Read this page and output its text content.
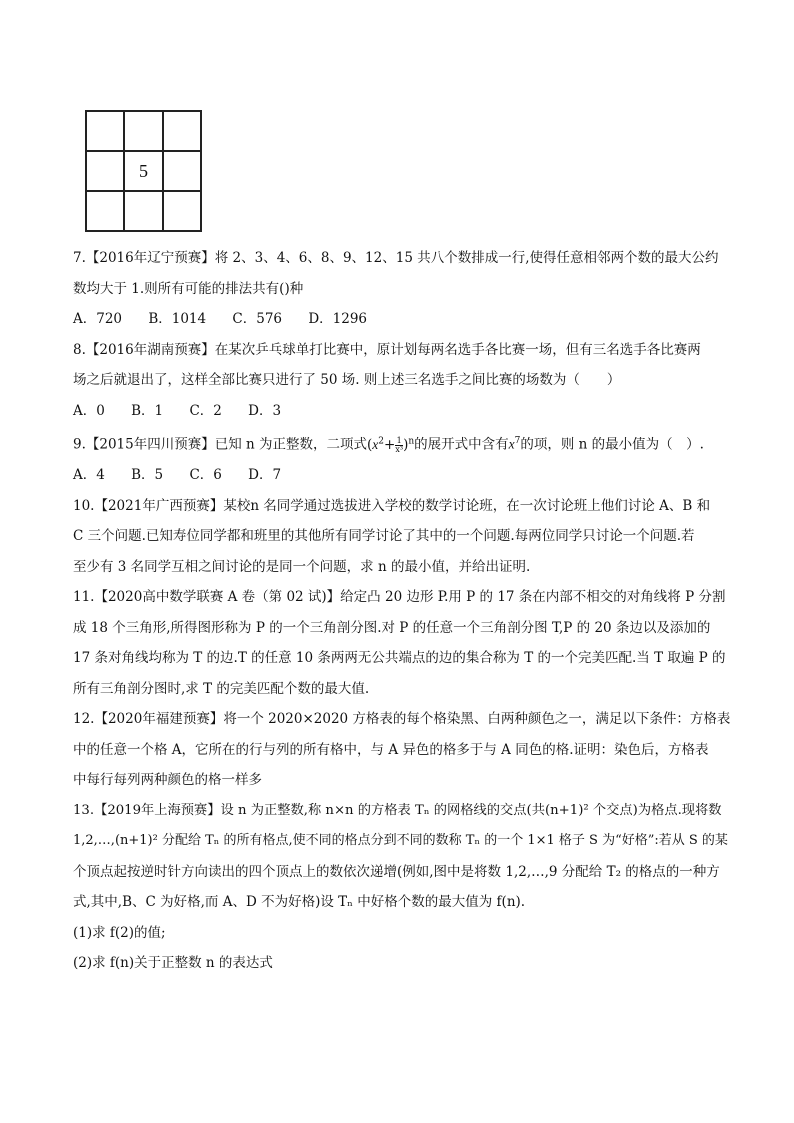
	5	

7.【2016年辽宁预赛】将 2、3、4、6、8、9、12、15 共八个数排成一行,使得任意相邻两个数的最大公约

数均大于 1.则所有可能的排法共有()种

A．720 B．1014 C．576 D．1296

8.【2016年湖南预赛】在某次乒乓球单打比赛中，原计划每两名选手各比赛一场，但有三名选手各比赛两

场之后就退出了，这样全部比赛只进行了 50 场. 则上述三名选手之间比赛的场数为（　　）

A．0 B．1 C．2 D．3

9.【2015年四川预赛】已知 n 为正整数，二项式$(x^2+ \frac{1}{\text{x³}} )^n$的展开式中含有$x^7$的项，则 n 的最小值为（　）.

A．4 B．5 C．6 D．7

10.【2021年广西预赛】某校n 名同学通过选拔进入学校的数学讨论班，在一次讨论班上他们讨论 A、B 和

C 三个问题.已知寿位同学都和班里的其他所有同学讨论了其中的一个问题.每两位同学只讨论一个问题.若

至少有 3 名同学互相之间讨论的是同一个问题，求 n 的最小值，并给出证明.

11.【2020高中数学联赛 A 卷（第 02 试)】给定凸 20 边形 P.用 P 的 17 条在内部不相交的对角线将 P 分割

成 18 个三角形,所得图形称为 P 的一个三角剖分图.对 P 的任意一个三角剖分图 T,P 的 20 条边以及添加的

17 条对角线均称为 T 的边.T 的任意 10 条两两无公共端点的边的集合称为 T 的一个完美匹配.当 T 取遍 P 的

所有三角剖分图时,求 T 的完美匹配个数的最大值.

12.【2020年福建预赛】将一个 2020×2020 方格表的每个格染黑、白两种颜色之一，满足以下条件：方格表

中的任意一个格 A，它所在的行与列的所有格中，与 A 异色的格多于与 A 同色的格.证明：染色后，方格表

中每行每列两种颜色的格一样多

13.【2019年上海预赛】设 n 为正整数,称 n×n 的方格表 Tₙ 的网格线的交点(共(n+1)² 个交点)为格点.现将数

1,2,…,(n+1)² 分配给 Tₙ 的所有格点,使不同的格点分到不同的数称 Tₙ 的一个 1×1 格子 S 为“好格”:若从 S 的某

个顶点起按逆时针方向读出的四个顶点上的数依次递增(例如,图中是将数 1,2,…,9 分配给 T₂ 的格点的一种方

式,其中,B、C 为好格,而 A、D 不为好格)设 Tₙ 中好格个数的最大值为 f(n).

(1)求 f(2)的值;

(2)求 f(n)关于正整数 n 的表达式
